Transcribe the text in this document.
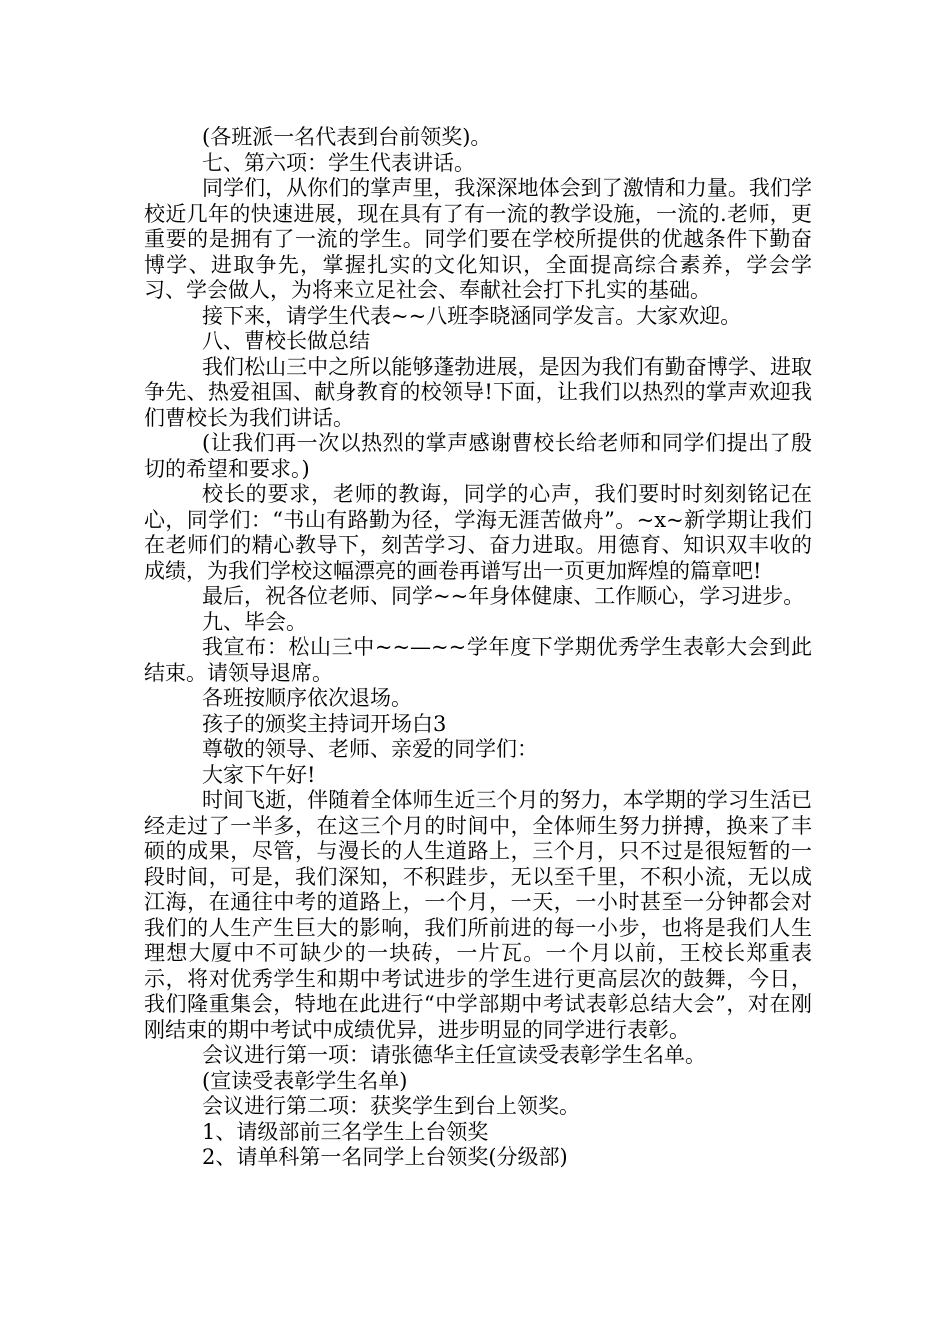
(各班派一名代表到台前领奖)。

七、第六项：学生代表讲话。

同学们，从你们的掌声里，我深深地体会到了激情和力量。我们学校近几年的快速进展，现在具有了有一流的教学设施，一流的.老师，更重要的是拥有了一流的学生。同学们要在学校所提供的优越条件下勤奋博学、进取争先，掌握扎实的文化知识，全面提高综合素养，学会学习、学会做人，为将来立足社会、奉献社会打下扎实的基础。

接下来，请学生代表~~八班李晓涵同学发言。大家欢迎。

八、曹校长做总结

我们松山三中之所以能够蓬勃进展，是因为我们有勤奋博学、进取争先、热爱祖国、献身教育的校领导!下面，让我们以热烈的掌声欢迎我们曹校长为我们讲话。

(让我们再一次以热烈的掌声感谢曹校长给老师和同学们提出了殷切的希望和要求。)

校长的要求，老师的教诲，同学的心声，我们要时时刻刻铭记在心，同学们：“书山有路勤为径，学海无涯苦做舟”。~x~新学期让我们在老师们的精心教导下，刻苦学习、奋力进取。用德育、知识双丰收的成绩，为我们学校这幅漂亮的画卷再谱写出一页更加辉煌的篇章吧!

最后，祝各位老师、同学~~年身体健康、工作顺心，学习进步。

九、毕会。

我宣布：松山三中~~—~~学年度下学期优秀学生表彰大会到此结束。请领导退席。

各班按顺序依次退场。

孩子的颁奖主持词开场白3

尊敬的领导、老师、亲爱的同学们：

大家下午好!

时间飞逝，伴随着全体师生近三个月的努力，本学期的学习生活已经走过了一半多，在这三个月的时间中，全体师生努力拼搏，换来了丰硕的成果，尽管，与漫长的人生道路上，三个月，只不过是很短暂的一段时间，可是，我们深知，不积跬步，无以至千里，不积小流，无以成江海，在通往中考的道路上，一个月，一天，一小时甚至一分钟都会对我们的人生产生巨大的影响，我们所前进的每一小步，也将是我们人生理想大厦中不可缺少的一块砖，一片瓦。一个月以前，王校长郑重表示，将对优秀学生和期中考试进步的学生进行更高层次的鼓舞，今日，我们隆重集会，特地在此进行“中学部期中考试表彰总结大会”，对在刚刚结束的期中考试中成绩优异，进步明显的同学进行表彰。

会议进行第一项：请张德华主任宣读受表彰学生名单。

(宣读受表彰学生名单)

会议进行第二项：获奖学生到台上领奖。

1、请级部前三名学生上台领奖

2、请单科第一名同学上台领奖(分级部)
